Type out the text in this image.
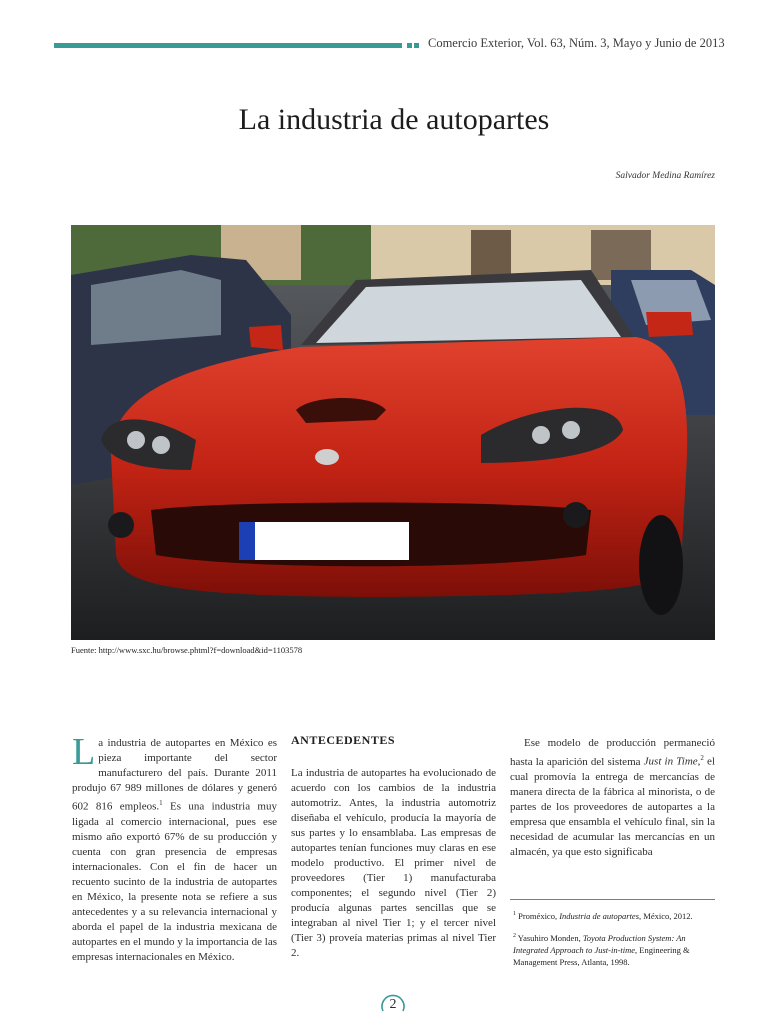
Comercio Exterior, Vol. 63, Núm. 3, Mayo y Junio de 2013
La industria de autopartes
Salvador Medina Ramírez
Fuente: http://www.sxc.hu/browse.phtml?f=download&id=1103578
La industria de autopartes en México es pieza importante del sector manufacturero del país. Durante 2011 produjo 67 989 millones de dólares y generó 602 816 empleos.$^1$ Es una industria muy ligada al comercio internacional, pues ese mismo año exportó 67% de su producción y cuenta con gran presencia de empresas internacionales. Con el fin de hacer un recuento sucinto de la industria de autopartes en México, la presente nota se refiere a sus antecedentes y a su relevancia internacional y aborda el papel de la industria mexicana de autopartes en el mundo y la importancia de las empresas internacionales en México.
ANTECEDENTES
La industria de autopartes ha evolucionado de acuerdo con los cambios de la industria automotriz. Antes, la industria automotriz diseñaba el vehículo, producía la mayoría de sus partes y lo ensamblaba. Las empresas de autopartes tenían funciones muy claras en ese modelo productivo. El primer nivel de proveedores (Tier 1) manufacturaba componentes; el segundo nivel (Tier 2) producía algunas partes sencillas que se integraban al nivel Tier 1; y el tercer nivel (Tier 3) proveía materias primas al nivel Tier 2.
Ese modelo de producción permaneció hasta la aparición del sistema Just in Time,$^2$ el cual promovía la entrega de mercancías de manera directa de la fábrica al minorista, o de partes de los proveedores de autopartes a la empresa que ensambla el vehículo final, sin la necesidad de acumular las mercancías en un almacén, ya que esto significaba
$^1$ Proméxico, Industria de autopartes, México, 2012.
$^2$ Yasuhiro Monden, Toyota Production System: An Integrated Approach to Just-in-time, Engineering & Management Press, Atlanta, 1998.
2
